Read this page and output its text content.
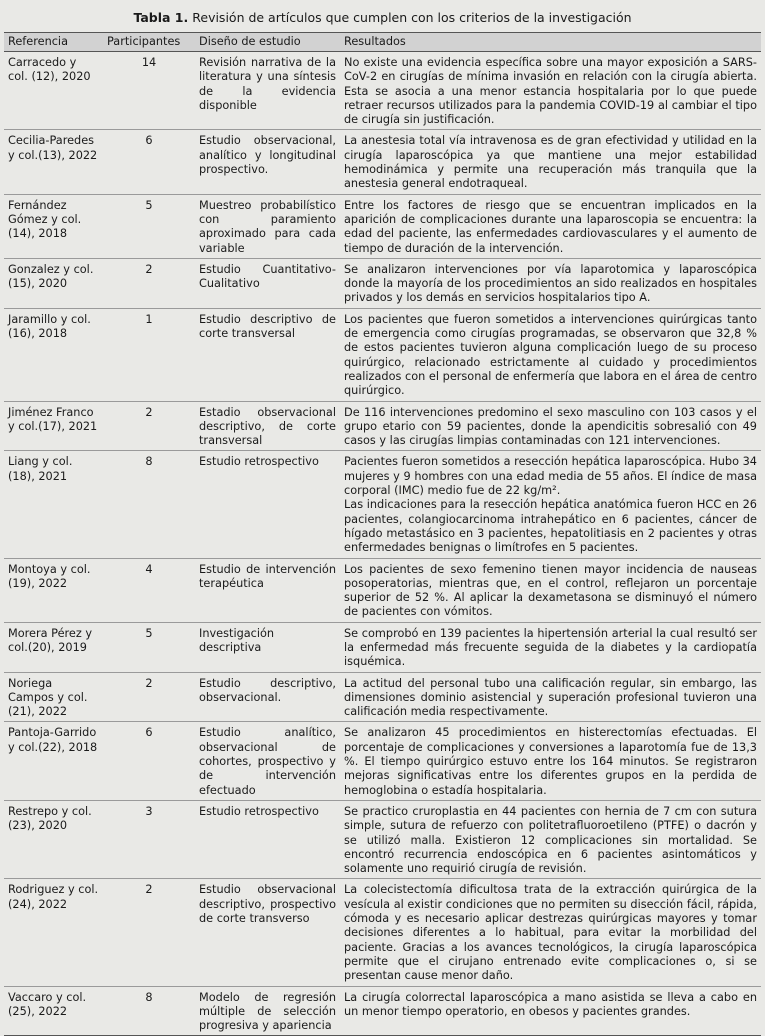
Tabla 1. Revisión de artículos que cumplen con los criterios de la investigación
Referencia	Participantes	Diseño de estudio	Resultados
Carracedo y col. (12), 2020	14	Revisión narrativa de la literatura y una síntesis de la evidencia disponible	No existe una evidencia específica sobre una mayor exposición a SARS-CoV-2 en cirugías de mínima invasión en relación con la cirugía abierta. Esta se asocia a una menor estancia hospitalaria por lo que puede retraer recursos utilizados para la pandemia COVID-19 al cambiar el tipo de cirugía sin justificación.
Cecilia-Paredes y col.(13), 2022	6	Estudio observacional, analítico y longitudinal prospectivo.	La anestesia total vía intravenosa es de gran efectividad y utilidad en la cirugía laparoscópica ya que mantiene una mejor estabilidad hemodinámica y permite una recuperación más tranquila que la anestesia general endotraqueal.
Fernández Gómez y col. (14), 2018	5	Muestreo probabilístico con paramiento aproximado para cada variable	Entre los factores de riesgo que se encuentran implicados en la aparición de complicaciones durante una laparoscopia se encuentra: la edad del paciente, las enfermedades cardiovasculares y el aumento de tiempo de duración de la intervención.
Gonzalez y col. (15), 2020	2	Estudio Cuantitativo-Cualitativo	Se analizaron intervenciones por vía laparotomica y laparoscópica donde la mayoría de los procedimientos an sido realizados en hospitales privados y los demás en servicios hospitalarios tipo A.
Jaramillo y col. (16), 2018	1	Estudio descriptivo de corte transversal	Los pacientes que fueron sometidos a intervenciones quirúrgicas tanto de emergencia como cirugías programadas, se observaron que 32,8 % de estos pacientes tuvieron alguna complicación luego de su proceso quirúrgico, relacionado estrictamente al cuidado y procedimientos realizados con el personal de enfermería que labora en el área de centro quirúrgico.
Jiménez Franco y col.(17), 2021	2	Estadio observacional descriptivo, de corte transversal	De 116 intervenciones predomino el sexo masculino con 103 casos y el grupo etario con 59 pacientes, donde la apendicitis sobresalió con 49 casos y las cirugías limpias contaminadas con 121 intervenciones.
Liang y col.(18), 2021	8	Estudio retrospectivo	Pacientes fueron sometidos a resección hepática laparoscópica. Hubo 34 mujeres y 9 hombres con una edad media de 55 años. El índice de masa corporal (IMC) medio fue de 22 kg/m².
Las indicaciones para la resección hepática anatómica fueron HCC en 26 pacientes, colangiocarcinoma intrahepático en 6 pacientes, cáncer de hígado metastásico en 3 pacientes, hepatolitiasis en 2 pacientes y otras enfermedades benignas o limítrofes en 5 pacientes.

Montoya y col. (19), 2022	4	Estudio de intervención terapéutica	Los pacientes de sexo femenino tienen mayor incidencia de nauseas posoperatorias, mientras que, en el control, reflejaron un porcentaje superior de 52 %. Al aplicar la dexametasona se disminuyó el número de pacientes con vómitos.
Morera Pérez y col.(20), 2019	5	Investigación descriptiva	Se comprobó en 139 pacientes la hipertensión arterial la cual resultó ser la enfermedad más frecuente seguida de la diabetes y la cardiopatía isquémica.
Noriega Campos y col.(21), 2022	2	Estudio descriptivo, observacional.	La actitud del personal tubo una calificación regular, sin embargo, las dimensiones dominio asistencial y superación profesional tuvieron una calificación media respectivamente.
Pantoja-Garrido y col.(22), 2018	6	Estudio analítico, observacional de cohortes, prospectivo y de intervención efectuado	Se analizaron 45 procedimientos en histerectomías efectuadas. El porcentaje de complicaciones y conversiones a laparotomía fue de 13,3 %. El tiempo quirúrgico estuvo entre los 164 minutos. Se registraron mejoras significativas entre los diferentes grupos en la perdida de hemoglobina o estadía hospitalaria.
Restrepo y col. (23), 2020	3	Estudio retrospectivo	Se practico cruroplastia en 44 pacientes con hernia de 7 cm con sutura simple, sutura de refuerzo con politetrafluoroetileno (PTFE) o dacrón y se utilizó malla. Existieron 12 complicaciones sin mortalidad. Se encontró recurrencia endoscópica en 6 pacientes asintomáticos y solamente uno requirió cirugía de revisión.
Rodriguez y col. (24), 2022	2	Estudio observacional descriptivo, prospectivo de corte transverso	La colecistectomía dificultosa trata de la extracción quirúrgica de la vesícula al existir condiciones que no permiten su disección fácil, rápida, cómoda y es necesario aplicar destrezas quirúrgicas mayores y tomar decisiones diferentes a lo habitual, para evitar la morbilidad del paciente. Gracias a los avances tecnológicos, la cirugía laparoscópica permite que el cirujano entrenado evite complicaciones o, si se presentan cause menor daño.
Vaccaro y col. (25), 2022	8	Modelo de regresión múltiple de selección progresiva y apariencia	La cirugía colorrectal laparoscópica a mano asistida se lleva a cabo en un menor tiempo operatorio, en obesos y pacientes grandes.
